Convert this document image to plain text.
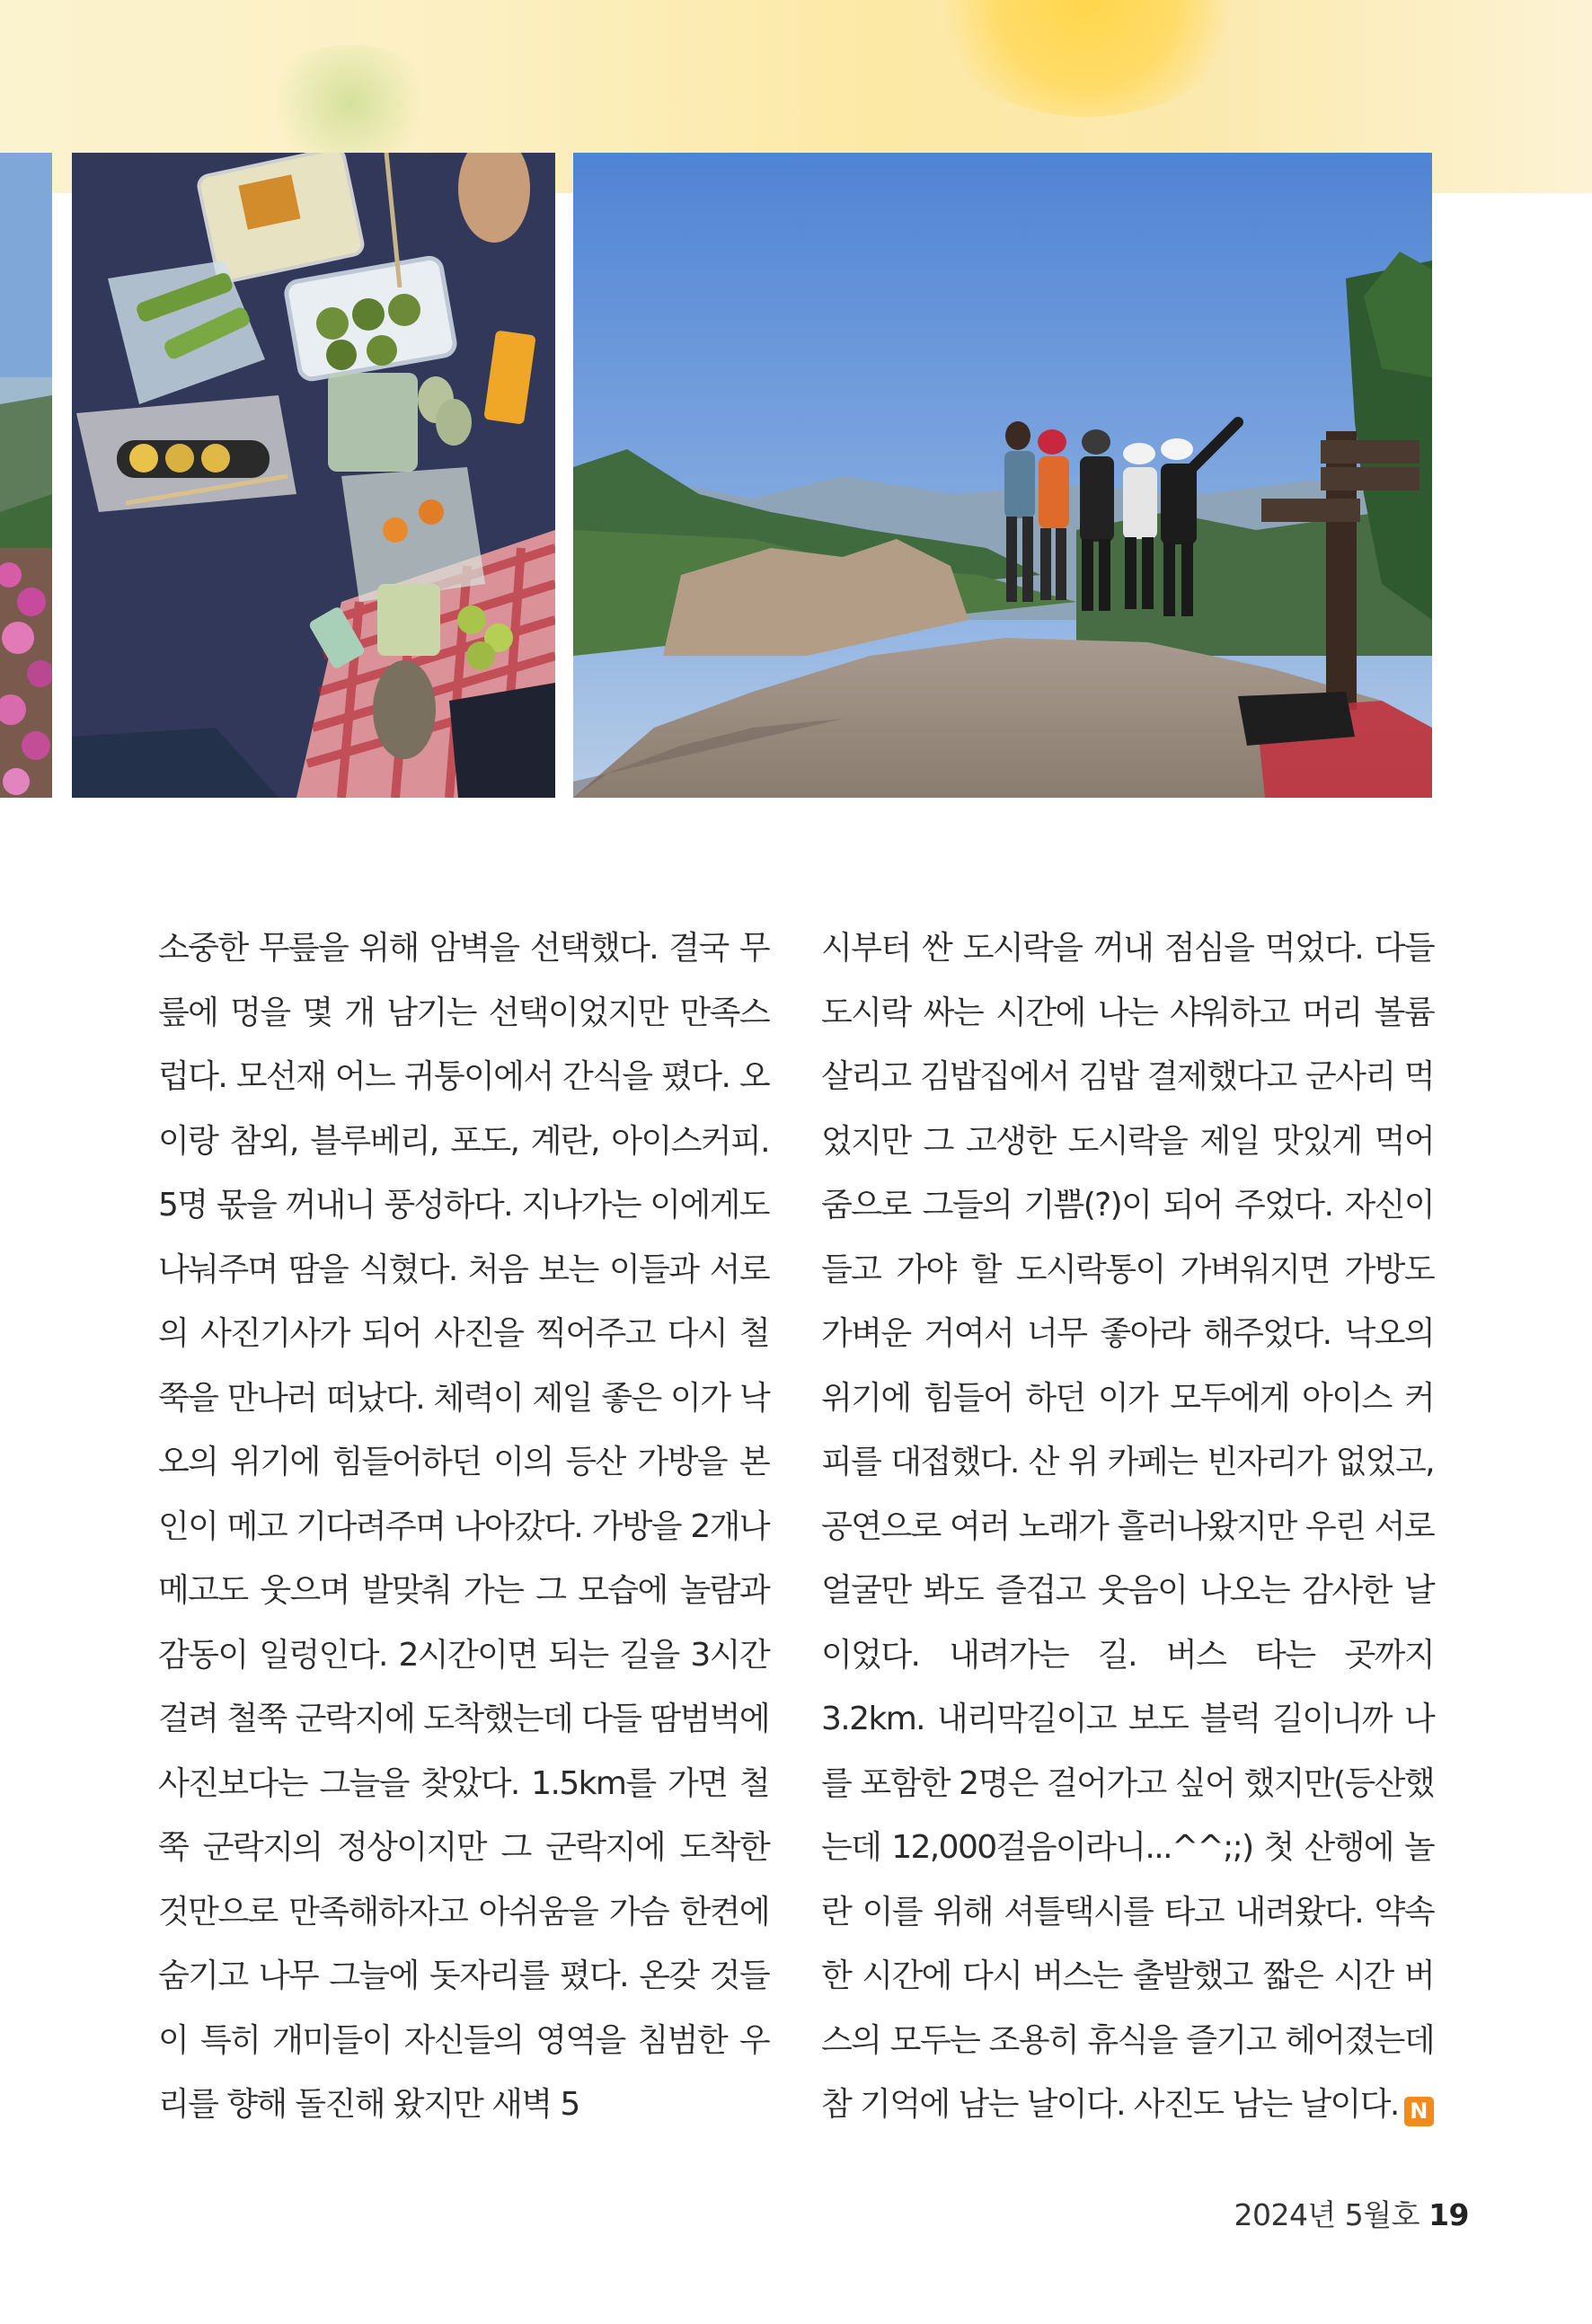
소중한 무릎을 위해 암벽을 선택했다. 결국 무릎에 멍을 몇 개 남기는 선택이었지만 만족스럽다. 모선재 어느 귀퉁이에서 간식을 폈다. 오이랑 참외, 블루베리, 포도, 계란, 아이스커피. 5명 몫을 꺼내니 풍성하다. 지나가는 이에게도 나눠주며 땀을 식혔다. 처음 보는 이들과 서로의 사진기사가 되어 사진을 찍어주고 다시 철쭉을 만나러 떠났다. 체력이 제일 좋은 이가 낙오의 위기에 힘들어하던 이의 등산 가방을 본인이 메고 기다려주며 나아갔다. 가방을 2개나 메고도 웃으며 발맞춰 가는 그 모습에 놀람과 감동이 일렁인다. 2시간이면 되는 길을 3시간 걸려 철쭉 군락지에 도착했는데 다들 땀범벅에 사진보다는 그늘을 찾았다. 1.5km를 가면 철쭉 군락지의 정상이지만 그 군락지에 도착한 것만으로 만족해하자고 아쉬움을 가슴 한켠에 숨기고 나무 그늘에 돗자리를 폈다. 온갖 것들이 특히 개미들이 자신들의 영역을 침범한 우리를 향해 돌진해 왔지만 새벽 5

시부터 싼 도시락을 꺼내 점심을 먹었다. 다들 도시락 싸는 시간에 나는 샤워하고 머리 볼륨 살리고 김밥집에서 김밥 결제했다고 군사리 먹었지만 그 고생한 도시락을 제일 맛있게 먹어줌으로 그들의 기쁨(?)이 되어 주었다. 자신이 들고 가야 할 도시락통이 가벼워지면 가방도 가벼운 거여서 너무 좋아라 해주었다. 낙오의 위기에 힘들어 하던 이가 모두에게 아이스 커피를 대접했다. 산 위 카페는 빈자리가 없었고, 공연으로 여러 노래가 흘러나왔지만 우린 서로 얼굴만 봐도 즐겁고 웃음이 나오는 감사한 날이었다. 내려가는 길. 버스 타는 곳까지 3.2km. 내리막길이고 보도 블럭 길이니까 나를 포함한 2명은 걸어가고 싶어 했지만(등산했는데 12,000걸음이라니...^^;;) 첫 산행에 놀란 이를 위해 셔틀택시를 타고 내려왔다. 약속한 시간에 다시 버스는 출발했고 짧은 시간 버스의 모두는 조용히 휴식을 즐기고 헤어졌는데 참 기억에 남는 날이다. 사진도 남는 날이다. N

2024년 5월호 19
